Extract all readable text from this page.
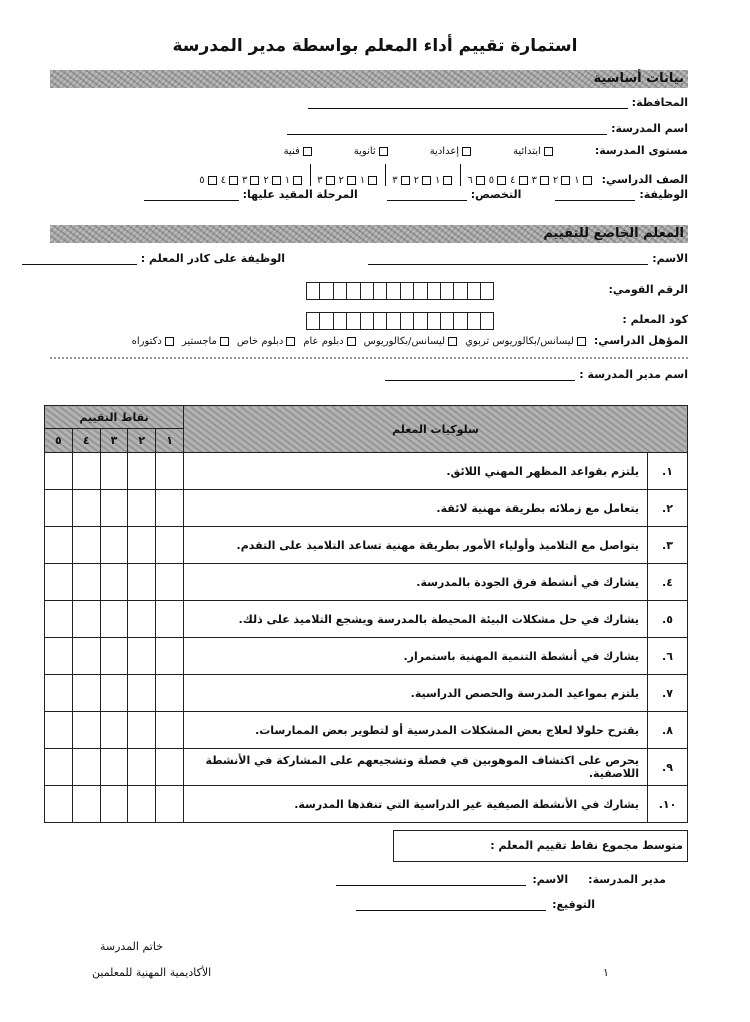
استمارة تقييم أداء المعلم بواسطة مدير المدرسة
بيانات أساسية
المحافظة:
اسم المدرسة:
مستوى المدرسة:
ابتدائية
إعدادية
ثانوية
فنية
الصف الدراسي:
١
٢
٣
٤
٥
٦
١
٢
٣
١
٢
٣
١
٢
٣
٤
٥
الوظيفة:
التخصص:
المرحلة المقيد عليها:
المعلم الخاضع للتقييم
الاسم:
الوظيفة على كادر المعلم :
الرقم القومي:
كود المعلم :
المؤهل الدراسي:
ليسانس/بكالوريوس تربوي
ليسانس/بكالوريوس
دبلوم عام
دبلوم خاص
ماجستير
دكتوراه
اسم مدير المدرسة :
سلوكيات المعلم		نقاط التقييم				
		١	٢	٣	٤	٥
١.	يلتزم بقواعد المظهر المهني اللائق.					
٢.	يتعامل مع زملائه بطريقة مهنية لائقة.					
٣.	يتواصل مع التلاميذ وأولياء الأمور بطريقة مهنية تساعد التلاميذ على التقدم.					
٤.	يشارك في أنشطة فرق الجودة بالمدرسة.					
٥.	يشارك في حل مشكلات البيئة المحيطة بالمدرسة ويشجع التلاميذ على ذلك.					
٦.	يشارك في أنشطة التنمية المهنية باستمرار.					
٧.	يلتزم بمواعيد المدرسة والحصص الدراسية.					
٨.	يقترح حلولا لعلاج بعض المشكلات المدرسية أو لتطوير بعض الممارسات.					
٩.	يحرص على اكتشاف الموهوبين في فصلة وتشجيعهم على المشاركة في الأنشطة اللاصفية.					
١٠.	يشارك في الأنشطة الصيفية غير الدراسية التي تنفذها المدرسة.					
متوسط مجموع نقاط تقييم المعلم :
مدير المدرسة:
الاسم:
التوقيع:
خاتم المدرسة
الأكاديمية المهنية للمعلمين	١
